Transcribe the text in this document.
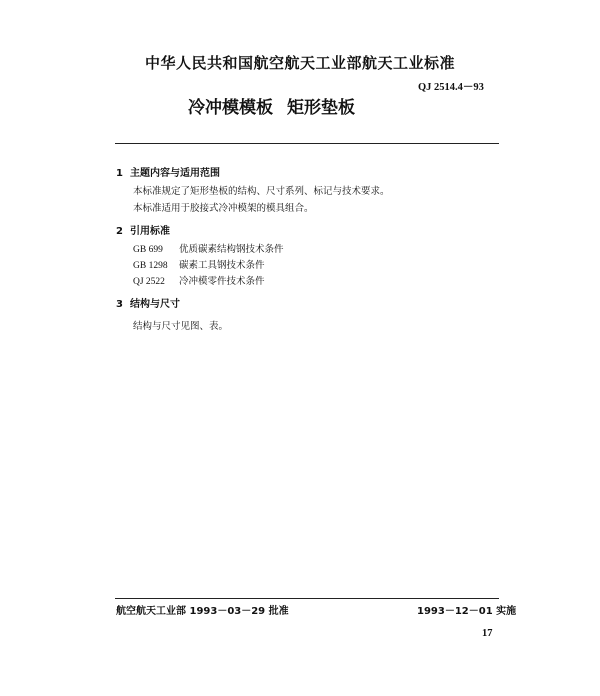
中华人民共和国航空航天工业部航天工业标准
QJ 2514.4－93
冷冲模模板 矩形垫板
1 主题内容与适用范围
本标准规定了矩形垫板的结构、尺寸系列、标记与技术要求。
本标准适用于胶接式冷冲模架的模具组合。
2 引用标准
GB 699 优质碳素结构钢技术条件
GB 1298 碳素工具钢技术条件
QJ 2522 冷冲模零件技术条件
3 结构与尺寸
结构与尺寸见图、表。
航空航天工业部 1993－03－29 批准	1993－12－01 实施
17
